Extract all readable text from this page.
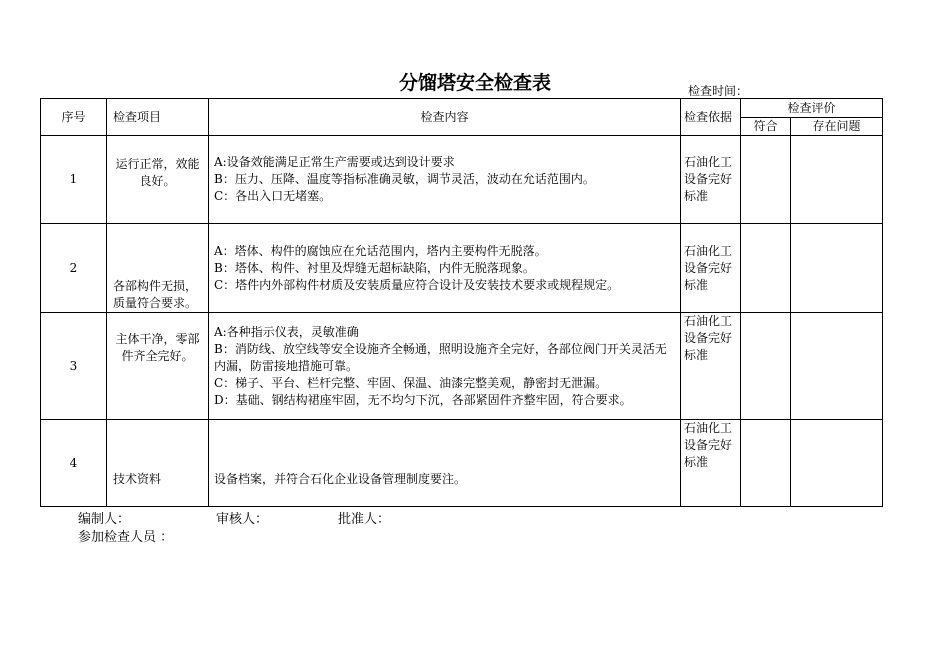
分馏塔安全检查表	检查时间：
序号	检查项目	检查内容	检查依据	检查评价	
				符合	存在问题
1	运行正常，效能良好。	A:设备效能满足正常生产需要或达到设计要求
B：压力、压降、温度等指标准确灵敏，调节灵活，波动在允话范围内。
C：各出入口无堵塞。	石油化工设备完好标准		
2	各部构件无损，质量符合要求。	A：塔体、构件的腐蚀应在允话范围内，塔内主要构件无脱落。
B：塔体、构件、衬里及焊缝无超标缺陷，内件无脱落现象。
C：塔件内外部构件材质及安装质量应符合设计及安装技术要求或规程规定。	石油化工设备完好标准		
3	主体干净，零部件齐全完好。	A:各种指示仪表，灵敏准确
B：消防线、放空线等安全设施齐全畅通，照明设施齐全完好，各部位阀门开关灵活无内漏，防雷接地措施可靠。
C：梯子、平台、栏杆完整、牢固、保温、油漆完整美观，静密封无泄漏。
D：基础、钢结构裙座牢固，无不均匀下沉，各部紧固件齐整牢固，符合要求。	石油化工设备完好标准		
4	技术资料	设备档案，并符合石化企业设备管理制度要注。	石油化工设备完好标准		
编制人：	审核人：	批准人：
参加检查人员 ：
